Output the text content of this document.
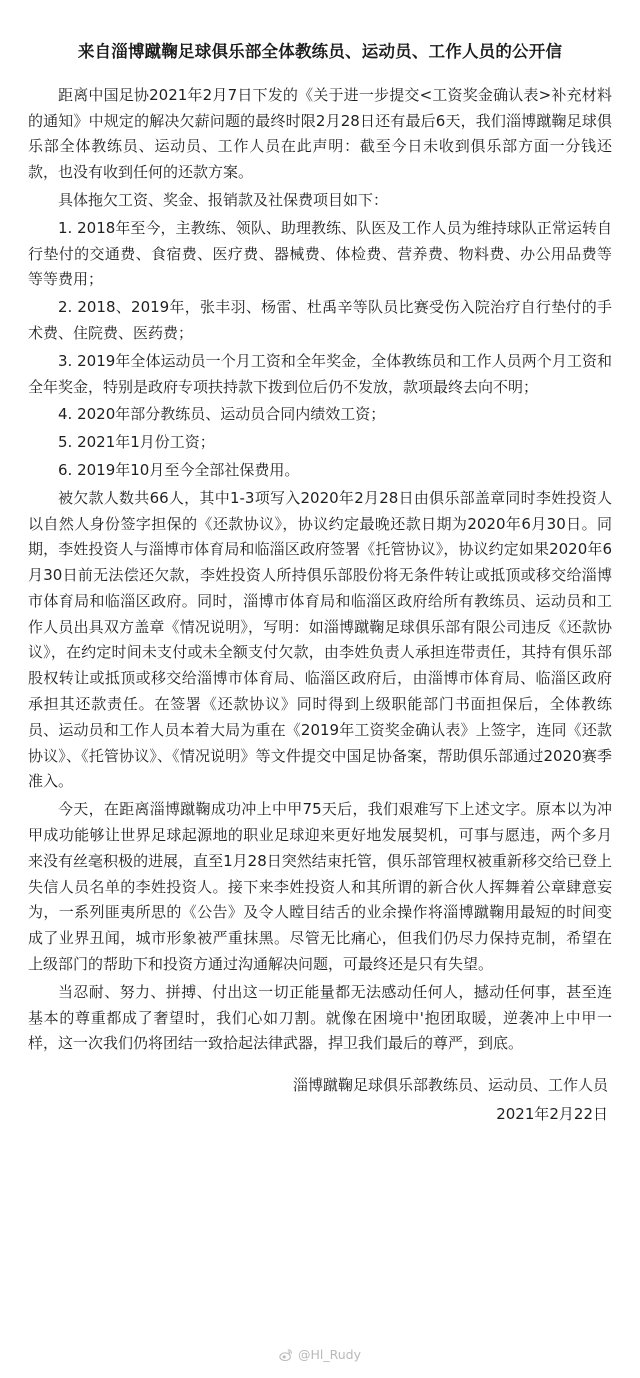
来自淄博蹴鞠足球俱乐部全体教练员、运动员、工作人员的公开信

距离中国足协2021年2月7日下发的《关于进一步提交<工资奖金确认表>补充材料的通知》中规定的解决欠薪问题的最终时限2月28日还有最后6天，我们淄博蹴鞠足球俱乐部全体教练员、运动员、工作人员在此声明：截至今日未收到俱乐部方面一分钱还款，也没有收到任何的还款方案。

具体拖欠工资、奖金、报销款及社保费项目如下：

1. 2018年至今，主教练、领队、助理教练、队医及工作人员为维持球队正常运转自行垫付的交通费、食宿费、医疗费、器械费、体检费、营养费、物料费、办公用品费等等等费用；

2. 2018、2019年，张丰羽、杨雷、杜禹辛等队员比赛受伤入院治疗自行垫付的手术费、住院费、医药费；

3. 2019年全体运动员一个月工资和全年奖金，全体教练员和工作人员两个月工资和全年奖金，特别是政府专项扶持款下拨到位后仍不发放，款项最终去向不明；

4. 2020年部分教练员、运动员合同内绩效工资；

5. 2021年1月份工资；

6. 2019年10月至今全部社保费用。

被欠款人数共66人，其中1-3项写入2020年2月28日由俱乐部盖章同时李姓投资人以自然人身份签字担保的《还款协议》，协议约定最晚还款日期为2020年6月30日。同期，李姓投资人与淄博市体育局和临淄区政府签署《托管协议》，协议约定如果2020年6月30日前无法偿还欠款，李姓投资人所持俱乐部股份将无条件转让或抵顶或移交给淄博市体育局和临淄区政府。同时，淄博市体育局和临淄区政府给所有教练员、运动员和工作人员出具双方盖章《情况说明》，写明：如淄博蹴鞠足球俱乐部有限公司违反《还款协议》，在约定时间未支付或未全额支付欠款，由李姓负责人承担连带责任，其持有俱乐部股权转让或抵顶或移交给淄博市体育局、临淄区政府后，由淄博市体育局、临淄区政府承担其还款责任。在签署《还款协议》同时得到上级职能部门书面担保后，全体教练员、运动员和工作人员本着大局为重在《2019年工资奖金确认表》上签字，连同《还款协议》、《托管协议》、《情况说明》等文件提交中国足协备案，帮助俱乐部通过2020赛季准入。

今天，在距离淄博蹴鞠成功冲上中甲75天后，我们艰难写下上述文字。原本以为冲甲成功能够让世界足球起源地的职业足球迎来更好地发展契机，可事与愿违，两个多月来没有丝毫积极的进展，直至1月28日突然结束托管，俱乐部管理权被重新移交给已登上失信人员名单的李姓投资人。接下来李姓投资人和其所谓的新合伙人挥舞着公章肆意妄为，一系列匪夷所思的《公告》及令人瞠目结舌的业余操作将淄博蹴鞠用最短的时间变成了业界丑闻，城市形象被严重抹黑。尽管无比痛心，但我们仍尽力保持克制，希望在上级部门的帮助下和投资方通过沟通解决问题，可最终还是只有失望。

当忍耐、努力、拼搏、付出这一切正能量都无法感动任何人，撼动任何事，甚至连基本的尊重都成了奢望时，我们心如刀割。就像在困境中'抱团取暖，逆袭冲上中甲一样，这一次我们仍将团结一致拾起法律武器，捍卫我们最后的尊严，到底。

淄博蹴鞠足球俱乐部教练员、运动员、工作人员
2021年2月22日
@Hl_Rudy
